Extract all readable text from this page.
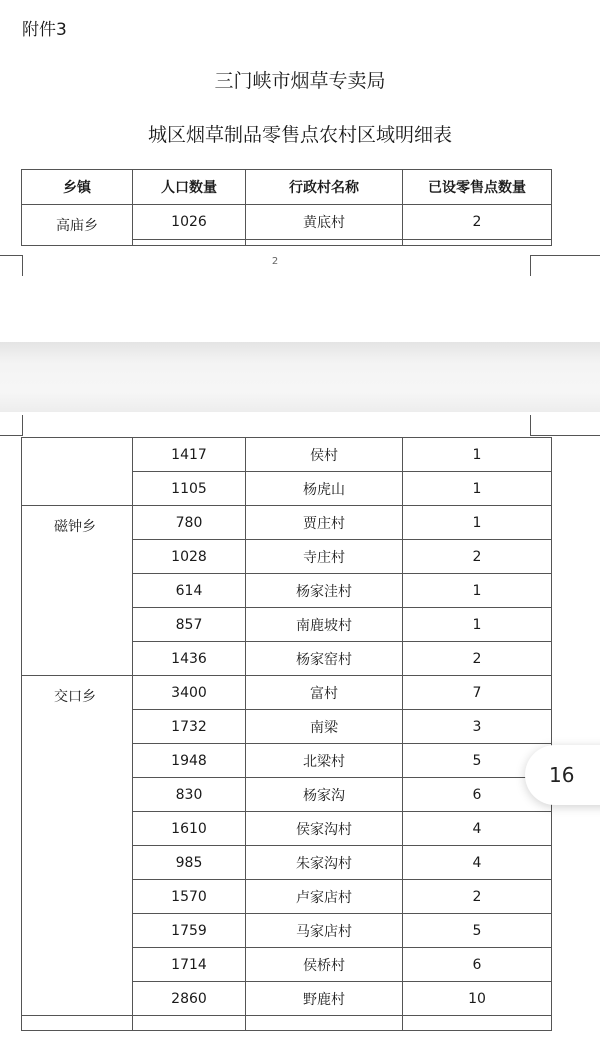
附件3
三门峡市烟草专卖局
城区烟草制品零售点农村区域明细表
乡镇	人口数量	行政村名称	已设零售点数量
高庙乡	1026	黄底村	2

2
	1417	侯村	1
	1105	杨虎山	1
磁钟乡	780	贾庄村	1
	1028	寺庄村	2
	614	杨家洼村	1
	857	南鹿坡村	1
	1436	杨家窑村	2
交口乡	3400	富村	7
	1732	南梁	3
	1948	北梁村	5
	830	杨家沟	6
	1610	侯家沟村	4
	985	朱家沟村	4
	1570	卢家店村	2
	1759	马家店村	5
	1714	侯桥村	6
	2860	野鹿村	10

16
